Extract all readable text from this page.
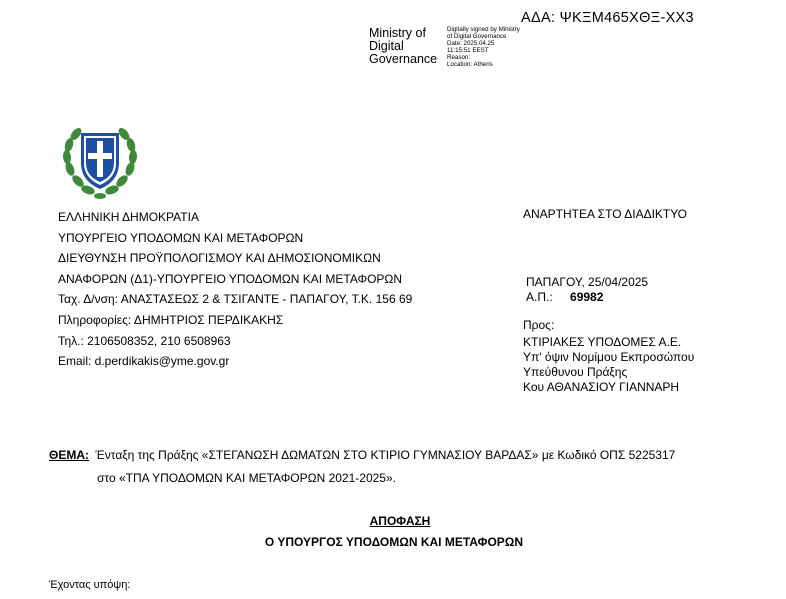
ΑΔΑ: ΨΚΞΜ465ΧΘΞ-ΧΧ3
Ministry of
Digital
Governance
Digitally signed by Ministry
of Digital Governance
Date: 2025.04.25
11:15:51 EEST
Reason:
Location: Athens
ΕΛΛΗΝΙΚΗ ΔΗΜΟΚΡΑΤΙΑ
ΥΠΟΥΡΓΕΙΟ ΥΠΟΔΟΜΩΝ ΚΑΙ ΜΕΤΑΦΟΡΩΝ
ΔΙΕΥΘΥΝΣΗ ΠΡΟΫΠΟΛΟΓΙΣΜΟΥ ΚΑΙ ΔΗΜΟΣΙΟΝΟΜΙΚΩΝ
ΑΝΑΦΟΡΩΝ (Δ1)-ΥΠΟΥΡΓΕΙΟ ΥΠΟΔΟΜΩΝ ΚΑΙ ΜΕΤΑΦΟΡΩΝ
Ταχ. Δ/νση: ΑΝΑΣΤΑΣΕΩΣ 2 & ΤΣΙΓΑΝΤΕ - ΠΑΠΑΓΟΥ, Τ.Κ. 156 69
Πληροφορίες: ΔΗΜΗΤΡΙΟΣ ΠΕΡΔΙΚΑΚΗΣ
Τηλ.: 2106508352, 210 6508963
Email: d.perdikakis@yme.gov.gr
ΑΝΑΡΤΗΤΕΑ ΣΤΟ ΔΙΑΔΙΚΤΥΟ
ΠΑΠΑΓΟΥ, 25/04/2025
Α.Π.: 69982
Προς:
ΚΤΙΡΙΑΚΕΣ ΥΠΟΔΟΜΕΣ Α.Ε.
Υπ' όψιν Νομίμου Εκπροσώπου
Υπεύθυνου Πράξης
Κου ΑΘΑΝΑΣΙΟΥ ΓΙΑΝΝΑΡΗ
ΘΕΜΑ: Ένταξη της Πράξης «ΣΤΕΓΑΝΩΣΗ ΔΩΜΑΤΩΝ ΣΤΟ ΚΤΙΡΙΟ ΓΥΜΝΑΣΙΟΥ ΒΑΡΔΑΣ» με Κωδικό ΟΠΣ 5225317
στο «ΤΠΑ ΥΠΟΔΟΜΩΝ ΚΑΙ ΜΕΤΑΦΟΡΩΝ 2021-2025».
ΑΠΟΦΑΣΗ
Ο ΥΠΟΥΡΓΟΣ ΥΠΟΔΟΜΩΝ ΚΑΙ ΜΕΤΑΦΟΡΩΝ
Έχοντας υπόψη:
